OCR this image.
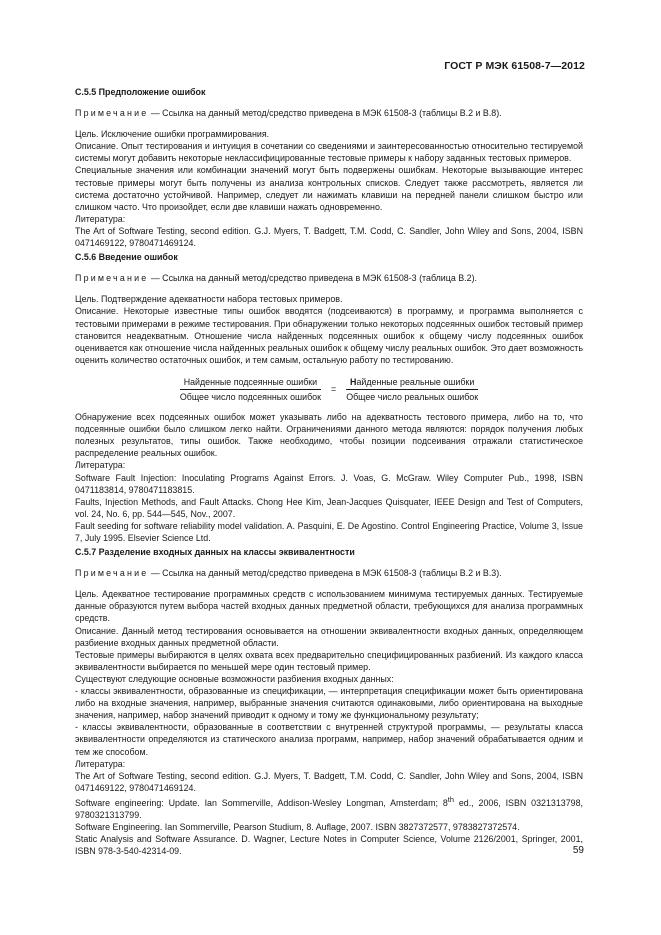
ГОСТ Р МЭК 61508-7—2012

C.5.5 Предположение ошибок

Примечание — Ссылка на данный метод/средство приведена в МЭК 61508-3 (таблицы B.2 и B.8).

Цель. Исключение ошибки программирования.

Описание. Опыт тестирования и интуиция в сочетании со сведениями и заинтересованностью относительно тестируемой системы могут добавить некоторые неклассифицированные тестовые примеры к набору заданных тестовых примеров.

Специальные значения или комбинации значений могут быть подвержены ошибкам. Некоторые вызывающие интерес тестовые примеры могут быть получены из анализа контрольных списков. Следует также рассмотреть, является ли система достаточно устойчивой. Например, следует ли нажимать клавиши на передней панели слишком быстро или слишком часто. Что произойдет, если две клавиши нажать одновременно.

Литература:

The Art of Software Testing, second edition. G.J. Myers, T. Badgett, T.M. Codd, C. Sandler, John Wiley and Sons, 2004, ISBN 0471469122, 9780471469124.

C.5.6 Введение ошибок

Примечание — Ссылка на данный метод/средство приведена в МЭК 61508-3 (таблица B.2).

Цель. Подтверждение адекватности набора тестовых примеров.

Описание. Некоторые известные типы ошибок вводятся (подсеиваются) в программу, и программа выполняется с тестовыми примерами в режиме тестирования. При обнаружении только некоторых подсеянных ошибок тестовый пример становится неадекватным. Отношение числа найденных подсеянных ошибок к общему числу подсеянных ошибок оценивается как отношение числа найденных реальных ошибок к общему числу реальных ошибок. Это дает возможность оценить количество остаточных ошибок, и тем самым, остальную работу по тестированию.

$\frac{\text{Найденные подсеянные ошибки}}{\text{Общее число подсеянных ошибок}} = \frac{\text{Найденные реальные ошибки}}{\text{Общее число реальных ошибок}}$

Обнаружение всех подсеянных ошибок может указывать либо на адекватность тестового примера, либо на то, что подсеянные ошибки было слишком легко найти. Ограничениями данного метода являются: порядок получения любых полезных результатов, типы ошибок. Также необходимо, чтобы позиции подсеивания отражали статистическое распределение реальных ошибок.

Литература:

Software Fault Injection: Inoculating Programs Against Errors. J. Voas, G. McGraw. Wiley Computer Pub., 1998, ISBN 0471183814, 9780471183815.

Faults, Injection Methods, and Fault Attacks. Chong Hee Kim, Jean-Jacques Quisquater, IEEE Design and Test of Computers, vol. 24, No. 6, pp. 544—545, Nov., 2007.

Fault seeding for software reliability model validation. A. Pasquini, E. De Agostino. Control Engineering Practice, Volume 3, Issue 7, July 1995. Elsevier Science Ltd.

C.5.7 Разделение входных данных на классы эквивалентности

Примечание — Ссылка на данный метод/средство приведена в МЭК 61508-3 (таблицы B.2 и B.3).

Цель. Адекватное тестирование программных средств с использованием минимума тестируемых данных. Тестируемые данные образуются путем выбора частей входных данных предметной области, требующихся для анализа программных средств.

Описание. Данный метод тестирования основывается на отношении эквивалентности входных данных, определяющем разбиение входных данных предметной области.

Тестовые примеры выбираются в целях охвата всех предварительно специфицированных разбиений. Из каждого класса эквивалентности выбирается по меньшей мере один тестовый пример.

Существуют следующие основные возможности разбиения входных данных:

- классы эквивалентности, образованные из спецификации, — интерпретация спецификации может быть ориентирована либо на входные значения, например, выбранные значения считаются одинаковыми, либо ориентирована на выходные значения, например, набор значений приводит к одному и тому же функциональному результату;

- классы эквивалентности, образованные в соответствии с внутренней структурой программы, — результаты класса эквивалентности определяются из статического анализа программ, например, набор значений обрабатывается одним и тем же способом.

Литература:

The Art of Software Testing, second edition. G.J. Myers, T. Badgett, T.M. Codd, C. Sandler, John Wiley and Sons, 2004, ISBN 0471469122, 9780471469124.

Software engineering: Update. Ian Sommerville, Addison-Wesley Longman, Amsterdam; 8th ed., 2006, ISBN 0321313798, 9780321313799.

Software Engineering. Ian Sommerville, Pearson Studium, 8. Auflage, 2007. ISBN 3827372577, 9783827372574.

Static Analysis and Software Assurance. D. Wagner, Lecture Notes in Computer Science, Volume 2126/2001, Springer, 2001, ISBN 978-3-540-42314-09.	59
